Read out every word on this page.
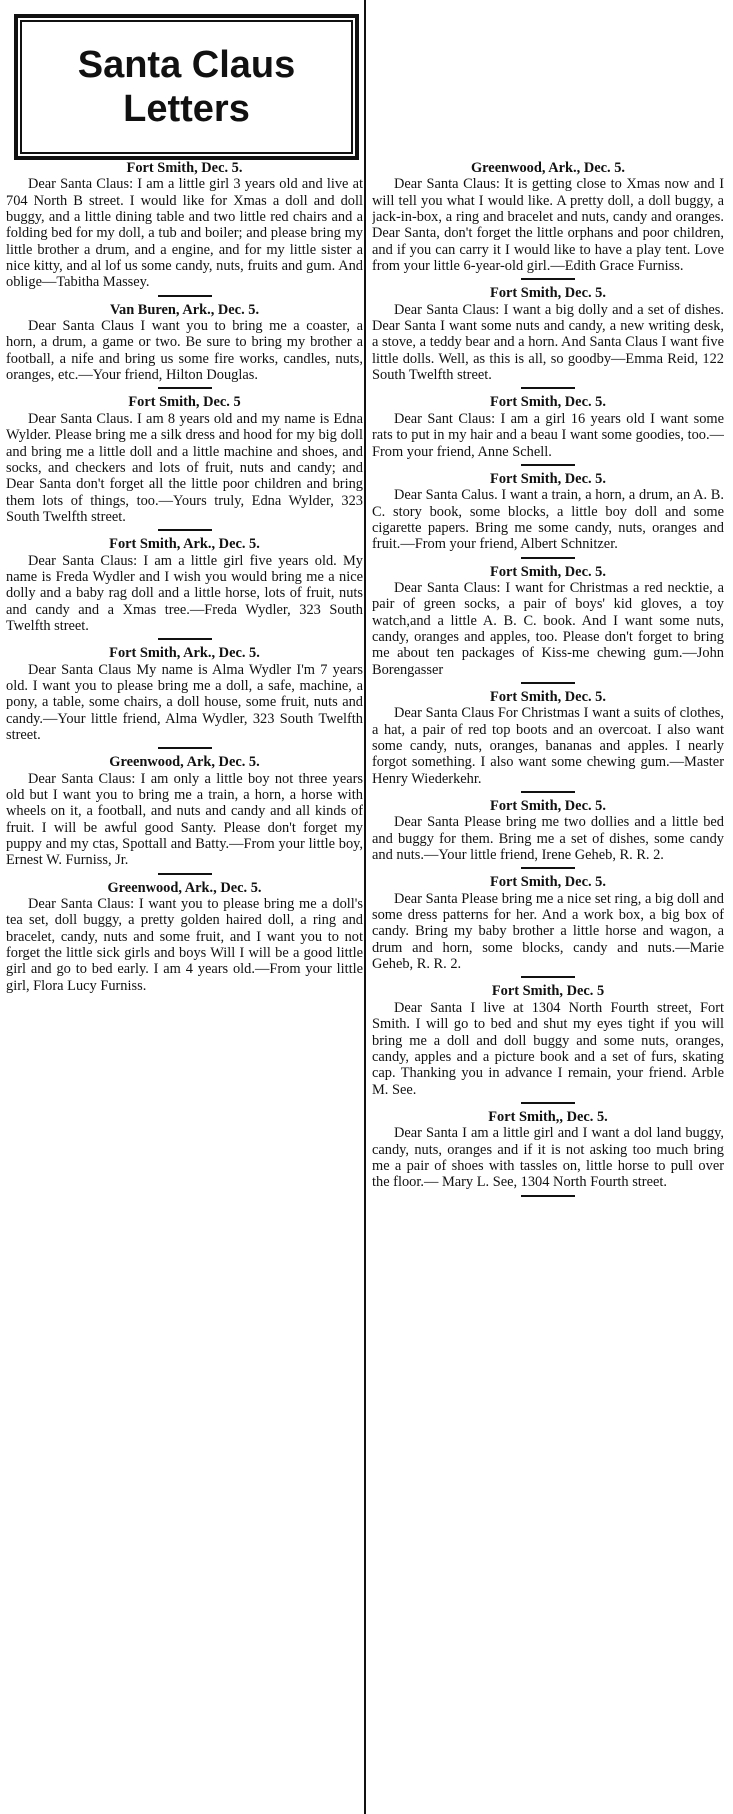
Santa Claus
Letters
Fort Smith, Dec. 5.
Dear Santa Claus: I am a little girl 3 years old and live at 704 North B street. I would like for Xmas a doll and doll buggy, and a little dining table and two little red chairs and a folding bed for my doll, a tub and boiler; and please bring my little brother a drum, and a engine, and for my little sister a nice kitty, and al lof us some candy, nuts, fruits and gum. And oblige—Tabitha Massey.
Van Buren, Ark., Dec. 5.
Dear Santa Claus I want you to bring me a coaster, a horn, a drum, a game or two. Be sure to bring my brother a football, a nife and bring us some fire works, candles, nuts, oranges, etc.—Your friend, Hilton Douglas.
Fort Smith, Dec. 5
Dear Santa Claus. I am 8 years old and my name is Edna Wylder. Please bring me a silk dress and hood for my big doll and bring me a little doll and a little machine and shoes, and socks, and checkers and lots of fruit, nuts and candy; and Dear Santa don't forget all the little poor children and bring them lots of things, too.—Yours truly, Edna Wylder, 323 South Twelfth street.
Fort Smith, Ark., Dec. 5.
Dear Santa Claus: I am a little girl five years old. My name is Freda Wydler and I wish you would bring me a nice dolly and a baby rag doll and a little horse, lots of fruit, nuts and candy and a Xmas tree.—Freda Wydler, 323 South Twelfth street.
Fort Smith, Ark., Dec. 5.
Dear Santa Claus My name is Alma Wydler I'm 7 years old. I want you to please bring me a doll, a safe, machine, a pony, a table, some chairs, a doll house, some fruit, nuts and candy.—Your little friend, Alma Wydler, 323 South Twelfth street.
Greenwood, Ark, Dec. 5.
Dear Santa Claus: I am only a little boy not three years old but I want you to bring me a train, a horn, a horse with wheels on it, a football, and nuts and candy and all kinds of fruit. I will be awful good Santy. Please don't forget my puppy and my ctas, Spottall and Batty.—From your little boy, Ernest W. Furniss, Jr.
Greenwood, Ark., Dec. 5.
Dear Santa Claus: I want you to please bring me a doll's tea set, doll buggy, a pretty golden haired doll, a ring and bracelet, candy, nuts and some fruit, and I want you to not forget the little sick girls and boys Will I will be a good little girl and go to bed early. I am 4 years old.—From your little girl, Flora Lucy Furniss.
Greenwood, Ark., Dec. 5.
Dear Santa Claus: It is getting close to Xmas now and I will tell you what I would like. A pretty doll, a doll buggy, a jack-in-box, a ring and bracelet and nuts, candy and oranges. Dear Santa, don't forget the little orphans and poor children, and if you can carry it I would like to have a play tent. Love from your little 6-year-old girl.—Edith Grace Furniss.
Fort Smith, Dec. 5.
Dear Santa Claus: I want a big dolly and a set of dishes. Dear Santa I want some nuts and candy, a new writing desk, a stove, a teddy bear and a horn. And Santa Claus I want five little dolls. Well, as this is all, so goodby—Emma Reid, 122 South Twelfth street.
Fort Smith, Dec. 5.
Dear Sant Claus: I am a girl 16 years old I want some rats to put in my hair and a beau I want some goodies, too.—From your friend, Anne Schell.
Fort Smith, Dec. 5.
Dear Santa Calus. I want a train, a horn, a drum, an A. B. C. story book, some blocks, a little boy doll and some cigarette papers. Bring me some candy, nuts, oranges and fruit.—From your friend, Albert Schnitzer.
Fort Smith, Dec. 5.
Dear Santa Claus: I want for Christmas a red necktie, a pair of green socks, a pair of boys' kid gloves, a toy watch,and a little A. B. C. book. And I want some nuts, candy, oranges and apples, too. Please don't forget to bring me about ten packages of Kiss-me chewing gum.—John Borengasser
Fort Smith, Dec. 5.
Dear Santa Claus For Christmas I want a suits of clothes, a hat, a pair of red top boots and an overcoat. I also want some candy, nuts, oranges, bananas and apples. I nearly forgot something. I also want some chewing gum.—Master Henry Wiederkehr.
Fort Smith, Dec. 5.
Dear Santa Please bring me two dollies and a little bed and buggy for them. Bring me a set of dishes, some candy and nuts.—Your little friend, Irene Geheb, R. R. 2.
Fort Smith, Dec. 5.
Dear Santa Please bring me a nice set ring, a big doll and some dress patterns for her. And a work box, a big box of candy. Bring my baby brother a little horse and wagon, a drum and horn, some blocks, candy and nuts.—Marie Geheb, R. R. 2.
Fort Smith, Dec. 5
Dear Santa I live at 1304 North Fourth street, Fort Smith. I will go to bed and shut my eyes tight if you will bring me a doll and doll buggy and some nuts, oranges, candy, apples and a picture book and a set of furs, skating cap. Thanking you in advance I remain, your friend. Arble M. See.
Fort Smith,, Dec. 5.
Dear Santa I am a little girl and I want a dol land buggy, candy, nuts, oranges and if it is not asking too much bring me a pair of shoes with tassles on, little horse to pull over the floor.— Mary L. See, 1304 North Fourth street.
